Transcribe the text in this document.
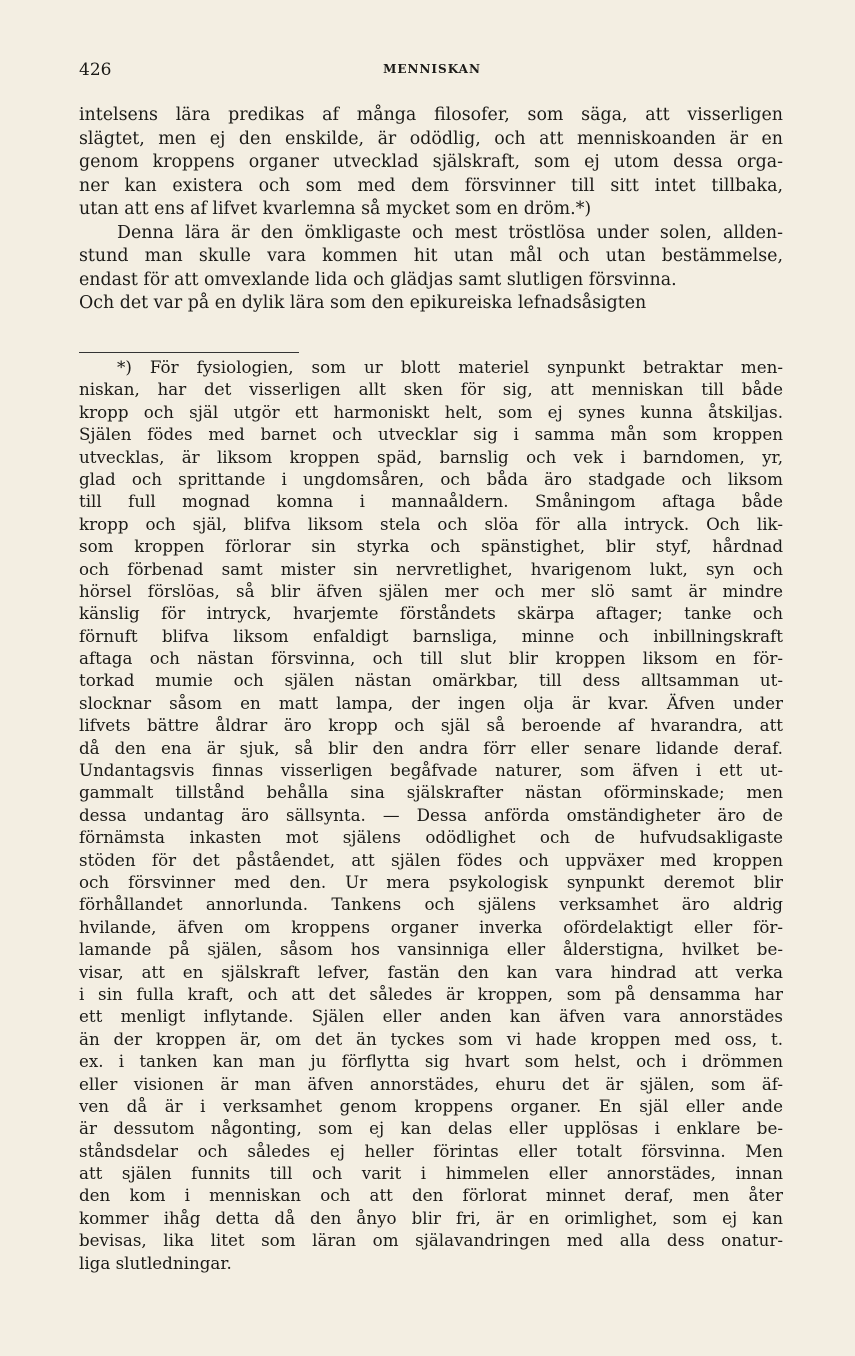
426	MENNISKAN
intelsens lära predikas af många filosofer, som säga, att visserligen
slägtet, men ej den enskilde, är odödlig, och att menniskoanden är en
genom kroppens organer utvecklad själskraft, som ej utom dessa orga-
ner kan existera och som med dem försvinner till sitt intet tillbaka,
utan att ens af lifvet kvarlemna så mycket som en dröm.*)
Denna lära är den ömkligaste och mest tröstlösa under solen, allden-
stund man skulle vara kommen hit utan mål och utan bestämmelse,
endast för att omvexlande lida och glädjas samt slutligen försvinna.
Och det var på en dylik lära som den epikureiska lefnadsåsigten
*) För fysiologien, som ur blott materiel synpunkt betraktar men-
niskan, har det visserligen allt sken för sig, att menniskan till både
kropp och själ utgör ett harmoniskt helt, som ej synes kunna åtskiljas.
Själen födes med barnet och utvecklar sig i samma mån som kroppen
utvecklas, är liksom kroppen späd, barnslig och vek i barndomen, yr,
glad och sprittande i ungdomsåren, och båda äro stadgade och liksom
till full mognad komna i mannaåldern. Småningom aftaga både
kropp och själ, blifva liksom stela och slöa för alla intryck. Och lik-
som kroppen förlorar sin styrka och spänstighet, blir styf, hårdnad
och förbenad samt mister sin nervretlighet, hvarigenom lukt, syn och
hörsel förslöas, så blir äfven själen mer och mer slö samt är mindre
känslig för intryck, hvarjemte förståndets skärpa aftager; tanke och
förnuft blifva liksom enfaldigt barnsliga, minne och inbillningskraft
aftaga och nästan försvinna, och till slut blir kroppen liksom en för-
torkad mumie och själen nästan omärkbar, till dess alltsamman ut-
slocknar såsom en matt lampa, der ingen olja är kvar. Äfven under
lifvets bättre åldrar äro kropp och själ så beroende af hvarandra, att
då den ena är sjuk, så blir den andra förr eller senare lidande deraf.
Undantagsvis finnas visserligen begåfvade naturer, som äfven i ett ut-
gammalt tillstånd behålla sina själskrafter nästan oförminskade; men
dessa undantag äro sällsynta. — Dessa anförda omständigheter äro de
förnämsta inkasten mot själens odödlighet och de hufvudsakligaste
stöden för det påståendet, att själen födes och uppväxer med kroppen
och försvinner med den. Ur mera psykologisk synpunkt deremot blir
förhållandet annorlunda. Tankens och själens verksamhet äro aldrig
hvilande, äfven om kroppens organer inverka ofördelaktigt eller för-
lamande på själen, såsom hos vansinniga eller ålderstigna, hvilket be-
visar, att en själskraft lefver, fastän den kan vara hindrad att verka
i sin fulla kraft, och att det således är kroppen, som på densamma har
ett menligt inflytande. Själen eller anden kan äfven vara annorstädes
än der kroppen är, om det än tyckes som vi hade kroppen med oss, t.
ex. i tanken kan man ju förflytta sig hvart som helst, och i drömmen
eller visionen är man äfven annorstädes, ehuru det är själen, som äf-
ven då är i verksamhet genom kroppens organer. En själ eller ande
är dessutom någonting, som ej kan delas eller upplösas i enklare be-
ståndsdelar och således ej heller förintas eller totalt försvinna. Men
att själen funnits till och varit i himmelen eller annorstädes, innan
den kom i menniskan och att den förlorat minnet deraf, men åter
kommer ihåg detta då den ånyo blir fri, är en orimlighet, som ej kan
bevisas, lika litet som läran om själavandringen med alla dess onatur-
liga slutledningar.
